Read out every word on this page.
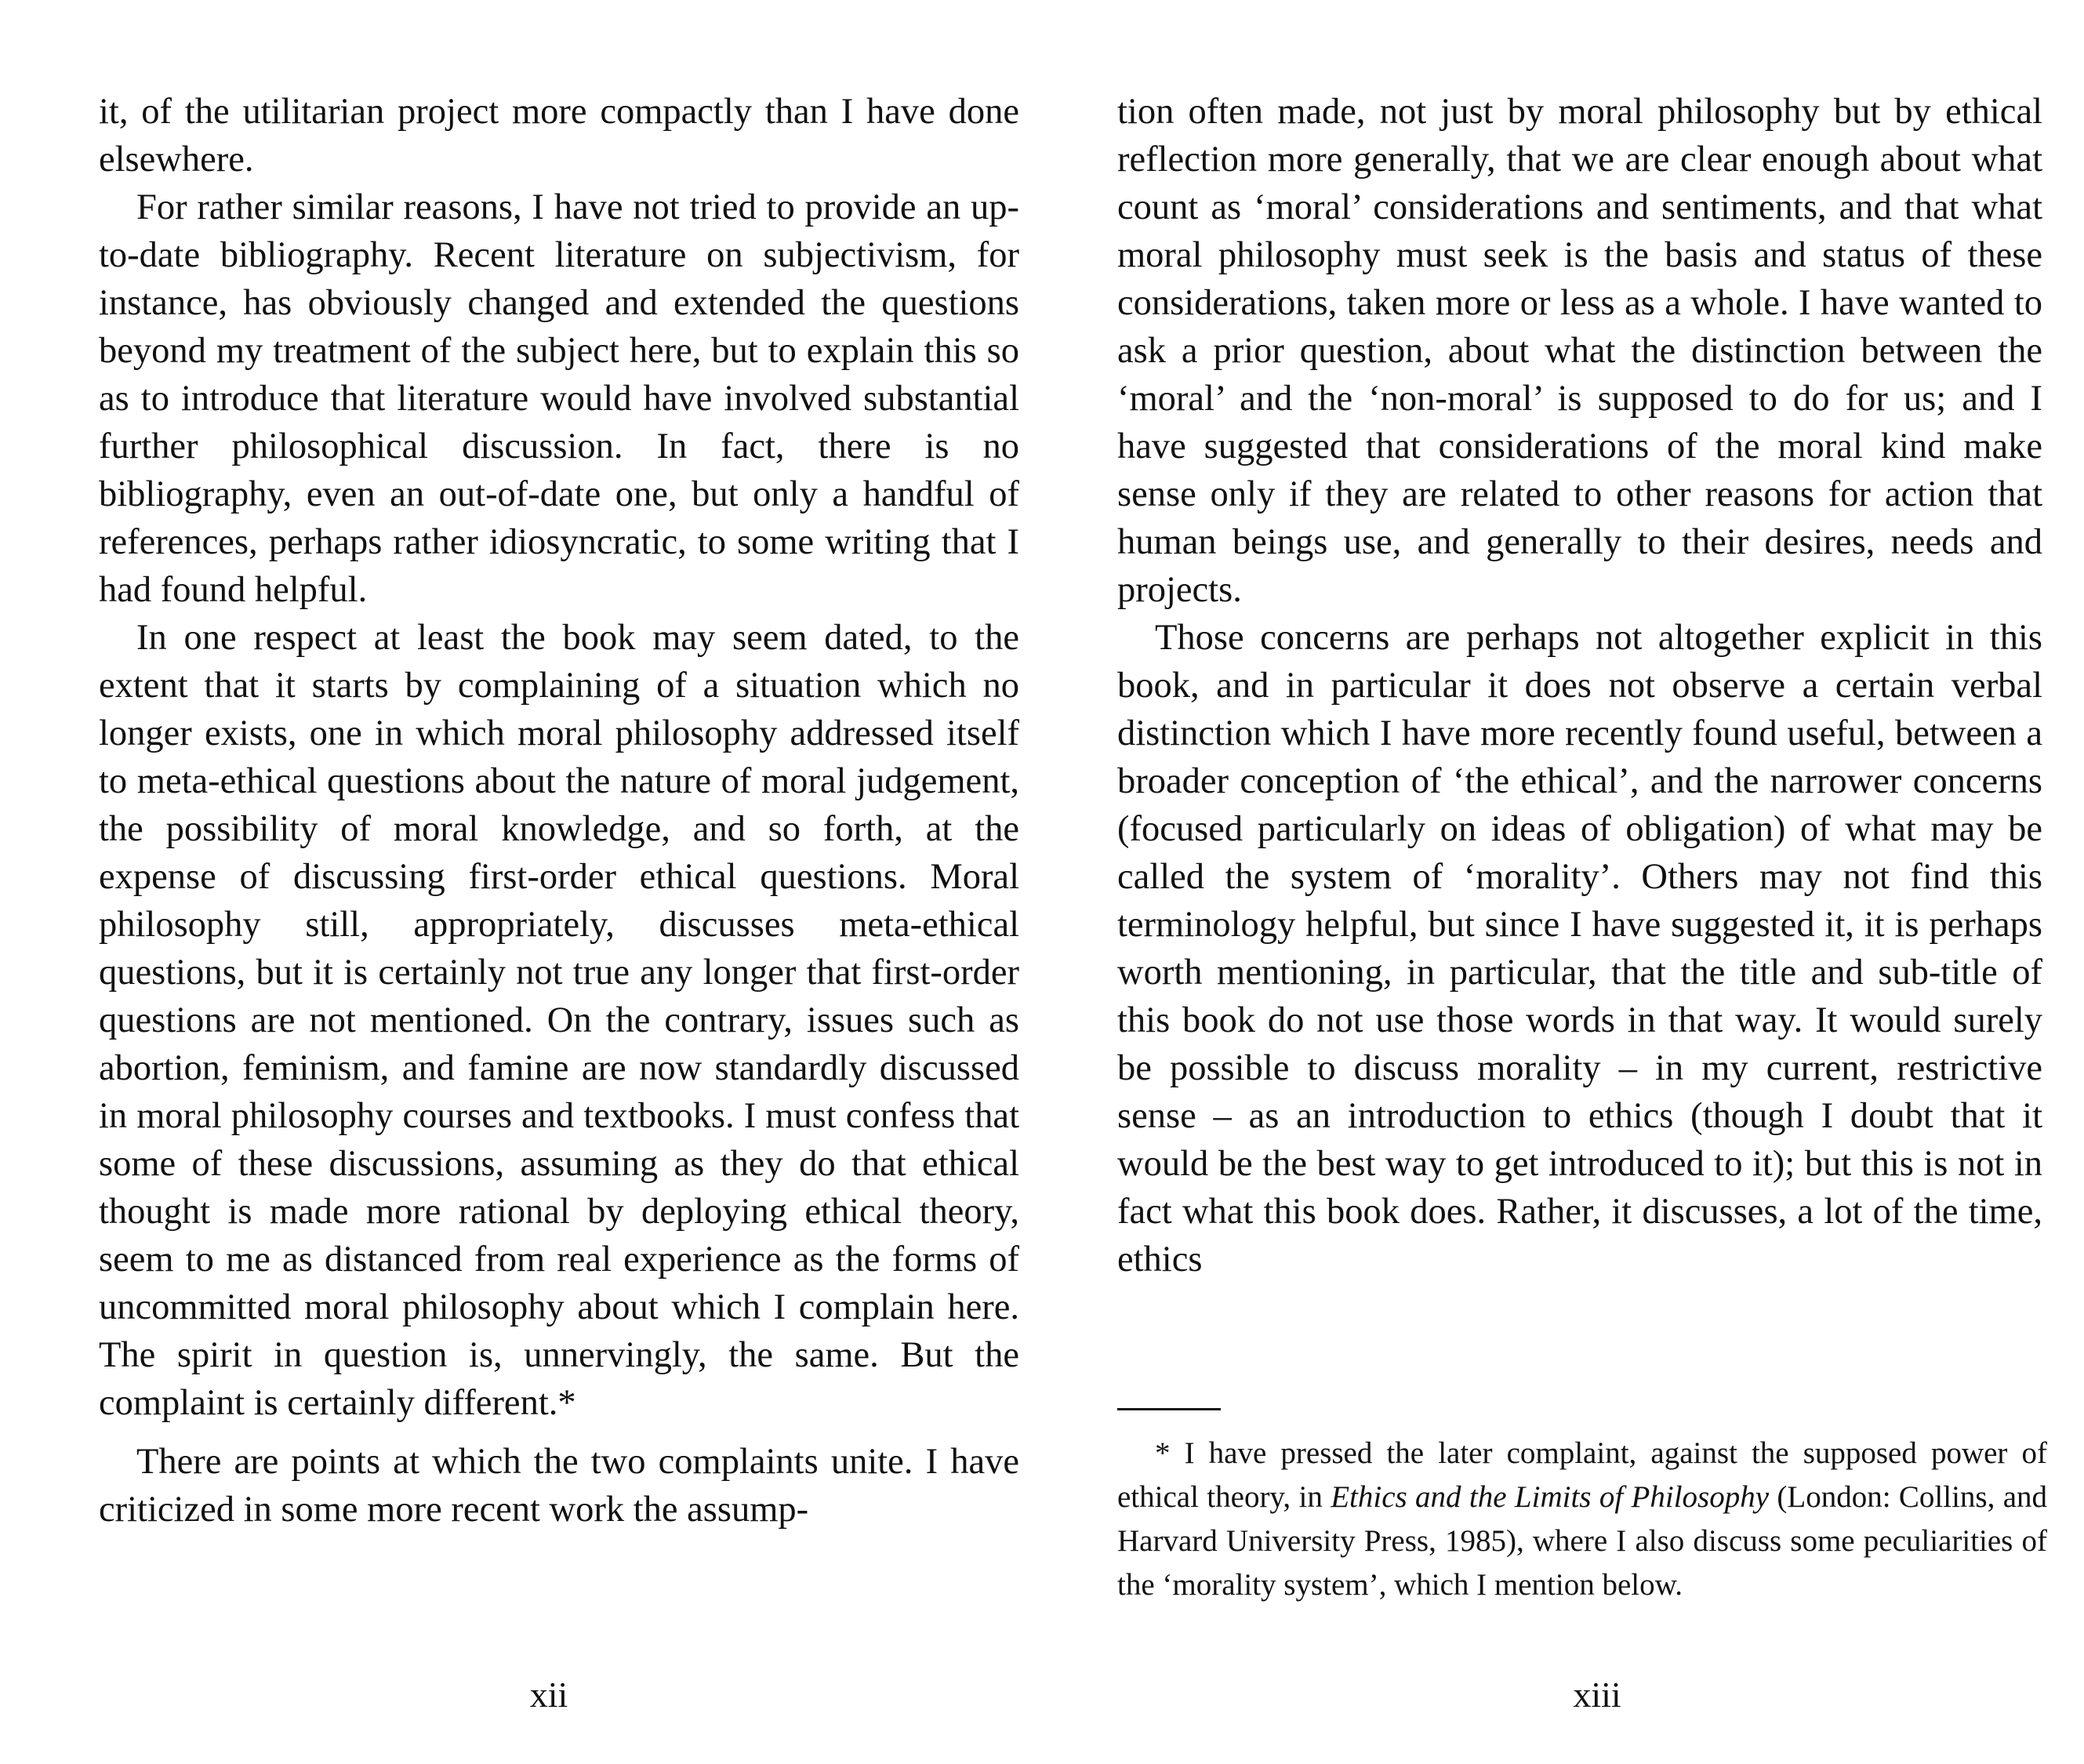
it, of the utilitarian project more compactly than I have done elsewhere.

For rather similar reasons, I have not tried to provide an up-to-date bibliography. Recent literature on subjectivism, for instance, has obviously changed and extended the questions beyond my treatment of the subject here, but to explain this so as to introduce that literature would have involved substantial further philosophical discussion. In fact, there is no bibliography, even an out-of-date one, but only a handful of references, perhaps rather idiosyncratic, to some writing that I had found helpful.

In one respect at least the book may seem dated, to the extent that it starts by complaining of a situation which no longer exists, one in which moral philosophy addressed itself to meta-ethical questions about the nature of moral judgement, the possibility of moral knowledge, and so forth, at the expense of discussing first-order ethical questions. Moral philosophy still, appropriately, discusses meta-ethical questions, but it is certainly not true any longer that first-order questions are not mentioned. On the contrary, issues such as abortion, feminism, and famine are now standardly discussed in moral philosophy courses and textbooks. I must confess that some of these discussions, assuming as they do that ethical thought is made more rational by deploying ethical theory, seem to me as distanced from real experience as the forms of uncommitted moral philosophy about which I complain here. The spirit in question is, unnervingly, the same. But the complaint is certainly different.*

There are points at which the two complaints unite. I have criticized in some more recent work the assump-

xii

tion often made, not just by moral philosophy but by ethical reflection more generally, that we are clear enough about what count as ‘moral’ considerations and sentiments, and that what moral philosophy must seek is the basis and status of these considerations, taken more or less as a whole. I have wanted to ask a prior question, about what the distinction between the ‘moral’ and the ‘non-moral’ is supposed to do for us; and I have suggested that considerations of the moral kind make sense only if they are related to other reasons for action that human beings use, and generally to their desires, needs and projects.

Those concerns are perhaps not altogether explicit in this book, and in particular it does not observe a certain verbal distinction which I have more recently found useful, between a broader conception of ‘the ethical’, and the narrower concerns (focused particularly on ideas of obligation) of what may be called the system of ‘morality’. Others may not find this terminology helpful, but since I have suggested it, it is perhaps worth mentioning, in particular, that the title and sub-title of this book do not use those words in that way. It would surely be possible to discuss morality – in my current, restrictive sense – as an introduction to ethics (though I doubt that it would be the best way to get introduced to it); but this is not in fact what this book does. Rather, it discusses, a lot of the time, ethics

* I have pressed the later complaint, against the supposed power of ethical theory, in Ethics and the Limits of Philosophy (London: Collins, and Harvard University Press, 1985), where I also discuss some peculiarities of the ‘morality system’, which I mention below.

xiii
